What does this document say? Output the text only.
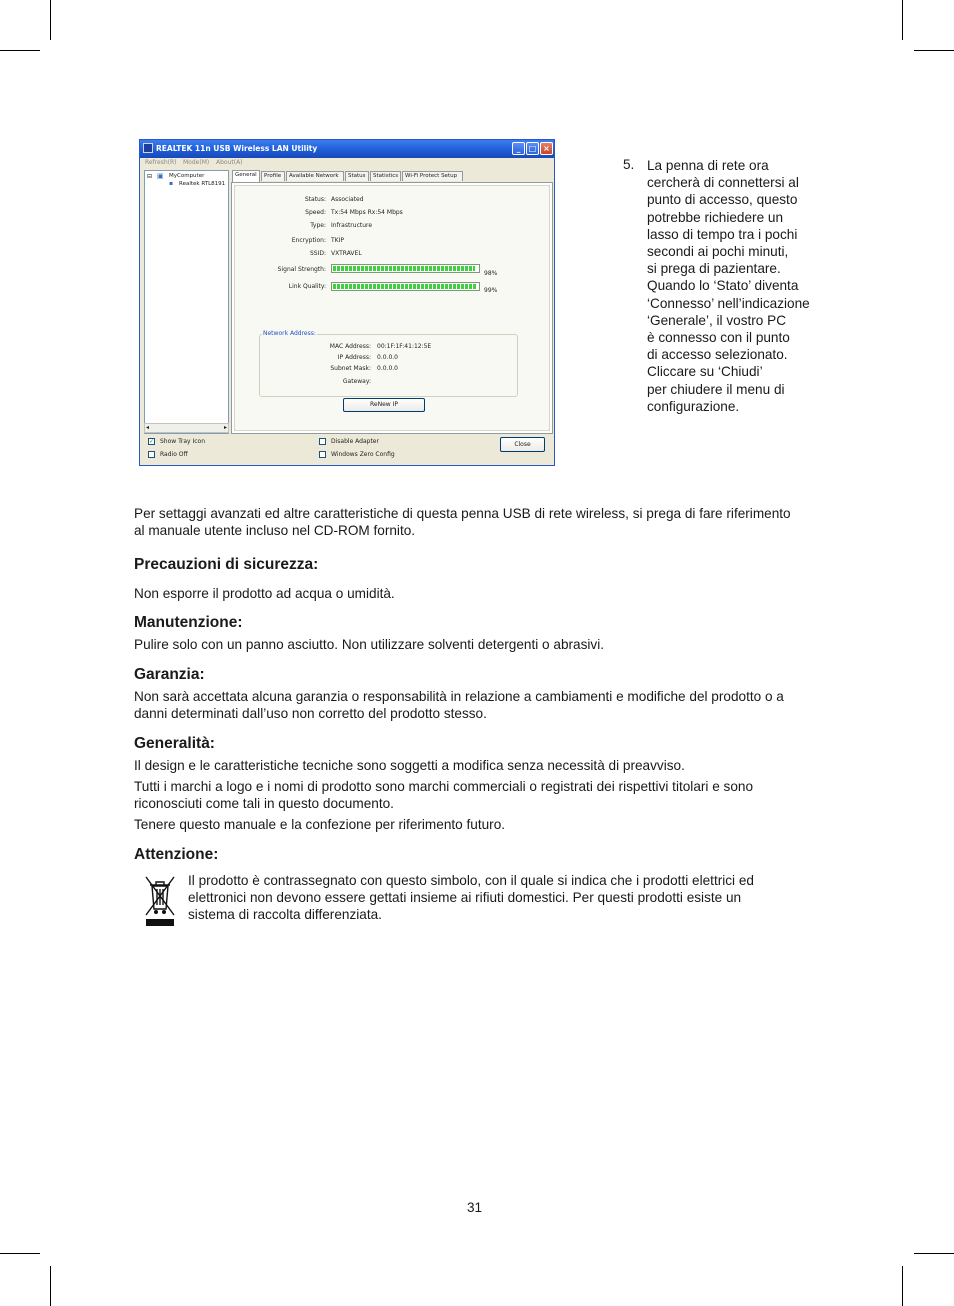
REALTEK 11n USB Wireless LAN Utility	_	□ ×
Refresh(R) Mode(M) About(A)
⊟ ▣ MyComputer
▪ Realtek RTL8191
◂	▸
General	Profile	Available Network	Status	Statistics	Wi-Fi Protect Setup
Status: Associated
Speed: Tx:54 Mbps Rx:54 Mbps
Type: Infrastructure
Encryption: TKIP
SSID: VXTRAVEL
Signal Strength:
98%
Link Quality:
99%
Network Address:
MAC Address: 00:1F:1F:41:12:5E
IP Address: 0.0.0.0
Subnet Mask: 0.0.0.0
Gateway:
ReNew IP
✓ Show Tray Icon
Radio Off
Disable Adapter
Windows Zero Config
Close
5. La penna di rete ora
cercherà di connettersi al
punto di accesso, questo
potrebbe richiedere un
lasso di tempo tra i pochi
secondi ai pochi minuti,
si prega di pazientare.
Quando lo ‘Stato’ diventa
‘Connesso’ nell’indicazione
‘Generale’, il vostro PC
è connesso con il punto
di accesso selezionato.
Cliccare su ‘Chiudi’
per chiudere il menu di
configurazione.
Per settaggi avanzati ed altre caratteristiche di questa penna USB di rete wireless, si prega di fare riferimento
al manuale utente incluso nel CD-ROM fornito.
Precauzioni di sicurezza:
Non esporre il prodotto ad acqua o umidità.
Manutenzione:
Pulire solo con un panno asciutto. Non utilizzare solventi detergenti o abrasivi.
Garanzia:
Non sarà accettata alcuna garanzia o responsabilità in relazione a cambiamenti e modifiche del prodotto o a
danni determinati dall’uso non corretto del prodotto stesso.
Generalità:
Il design e le caratteristiche tecniche sono soggetti a modifica senza necessità di preavviso.
Tutti i marchi a logo e i nomi di prodotto sono marchi commerciali o registrati dei rispettivi titolari e sono
riconosciuti come tali in questo documento.
Tenere questo manuale e la confezione per riferimento futuro.
Attenzione:
Il prodotto è contrassegnato con questo simbolo, con il quale si indica che i prodotti elettrici ed
elettronici non devono essere gettati insieme ai rifiuti domestici. Per questi prodotti esiste un
sistema di raccolta differenziata.
31
